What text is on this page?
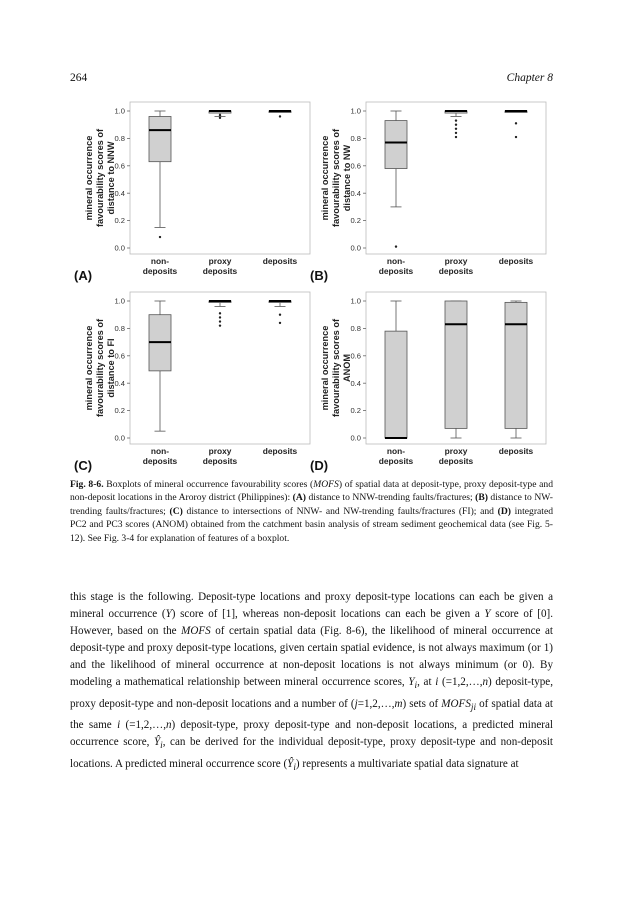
264	Chapter 8
0.0
0.2
0.4
0.6
0.8
1.0
mineral occurrence favourability scores of distance to NNW
non-
deposits
proxy
deposits
deposits
(A)
0.0
0.2
0.4
0.6
0.8
1.0
mineral occurrence favourability scores of distance to NW
non-
deposits
proxy
deposits
deposits
(B)
0.0
0.2
0.4
0.6
0.8
1.0
mineral occurrence favourability scores of distance to FI
non-
deposits
proxy
deposits
deposits
(C)
0.0
0.2
0.4
0.6
0.8
1.0
mineral occurrence favourability scores of ANOM
non-
deposits
proxy
deposits
deposits
(D)
Fig. 8-6. Boxplots of mineral occurrence favourability scores (MOFS) of spatial data at deposit-type, proxy deposit-type and non-deposit locations in the Aroroy district (Philippines): (A) distance to NNW-trending faults/fractures; (B) distance to NW-trending faults/fractures; (C) distance to intersections of NNW- and NW-trending faults/fractures (FI); and (D) integrated PC2 and PC3 scores (ANOM) obtained from the catchment basin analysis of stream sediment geochemical data (see Fig. 5-12). See Fig. 3-4 for explanation of features of a boxplot.
this stage is the following. Deposit-type locations and proxy deposit-type locations can each be given a mineral occurrence (Y) score of [1], whereas non-deposit locations can each be given a Y score of [0]. However, based on the MOFS of certain spatial data (Fig. 8-6), the likelihood of mineral occurrence at deposit-type and proxy deposit-type locations, given certain spatial evidence, is not always maximum (or 1) and the likelihood of mineral occurrence at non-deposit locations is not always minimum (or 0). By modeling a mathematical relationship between mineral occurrence scores, $Y_i$, at i (=1,2,…,n) deposit-type, proxy deposit-type and non-deposit locations and a number of (j=1,2,…,m) sets of $MOFS_{ji}$ of spatial data at the same i (=1,2,…,n) deposit-type, proxy deposit-type and non-deposit locations, a predicted mineral occurrence score, $Ŷ_i$, can be derived for the individual deposit-type, proxy deposit-type and non-deposit locations. A predicted mineral occurrence score $(Ŷ_i)$ represents a multivariate spatial data signature at
